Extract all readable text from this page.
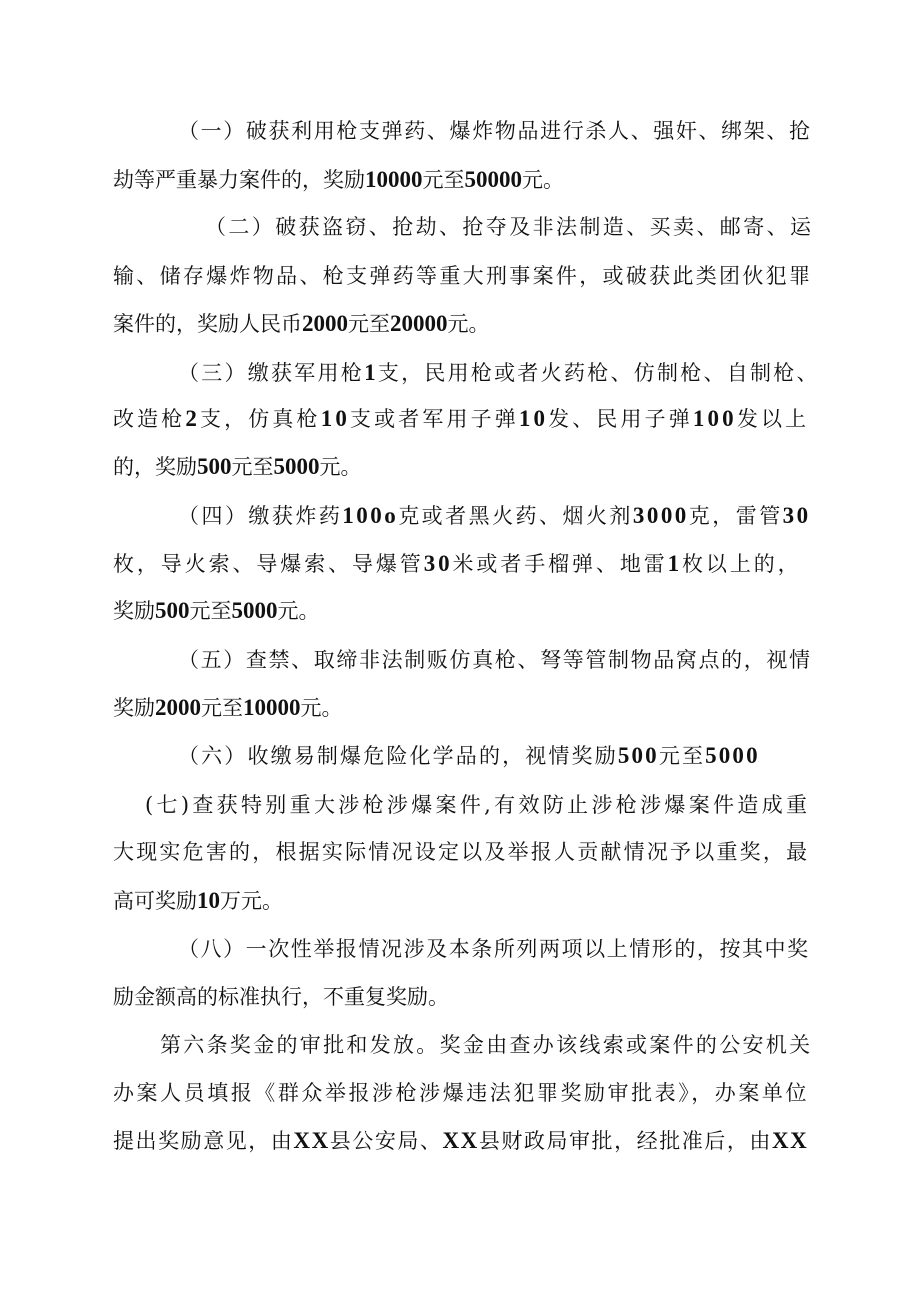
（一）破获利用枪支弹药、爆炸物品进行杀人、强奸、绑架、抢
劫等严重暴力案件的，奖励10000元至50000元。
（二）破获盗窃、抢劫、抢夺及非法制造、买卖、邮寄、运
输、储存爆炸物品、枪支弹药等重大刑事案件，或破获此类团伙犯罪
案件的，奖励人民币2000元至20000元。
（三）缴获军用枪1支，民用枪或者火药枪、仿制枪、自制枪、
改造枪2支，仿真枪10支或者军用子弹10发、民用子弹100发以上
的，奖励500元至5000元。
（四）缴获炸药100o克或者黑火药、烟火剂3000克，雷管30
枚，导火索、导爆索、导爆管30米或者手榴弹、地雷1枚以上的，
奖励500元至5000元。
（五）查禁、取缔非法制贩仿真枪、弩等管制物品窝点的，视情
奖励2000元至10000元。
（六）收缴易制爆危险化学品的，视情奖励500元至5000
(七)查获特别重大涉枪涉爆案件,有效防止涉枪涉爆案件造成重
大现实危害的，根据实际情况设定以及举报人贡献情况予以重奖，最
高可奖励10万元。
（八）一次性举报情况涉及本条所列两项以上情形的，按其中奖
励金额高的标准执行，不重复奖励。
第六条奖金的审批和发放。奖金由查办该线索或案件的公安机关
办案人员填报《群众举报涉枪涉爆违法犯罪奖励审批表》，办案单位
提出奖励意见，由XX县公安局、XX县财政局审批，经批准后，由XX
